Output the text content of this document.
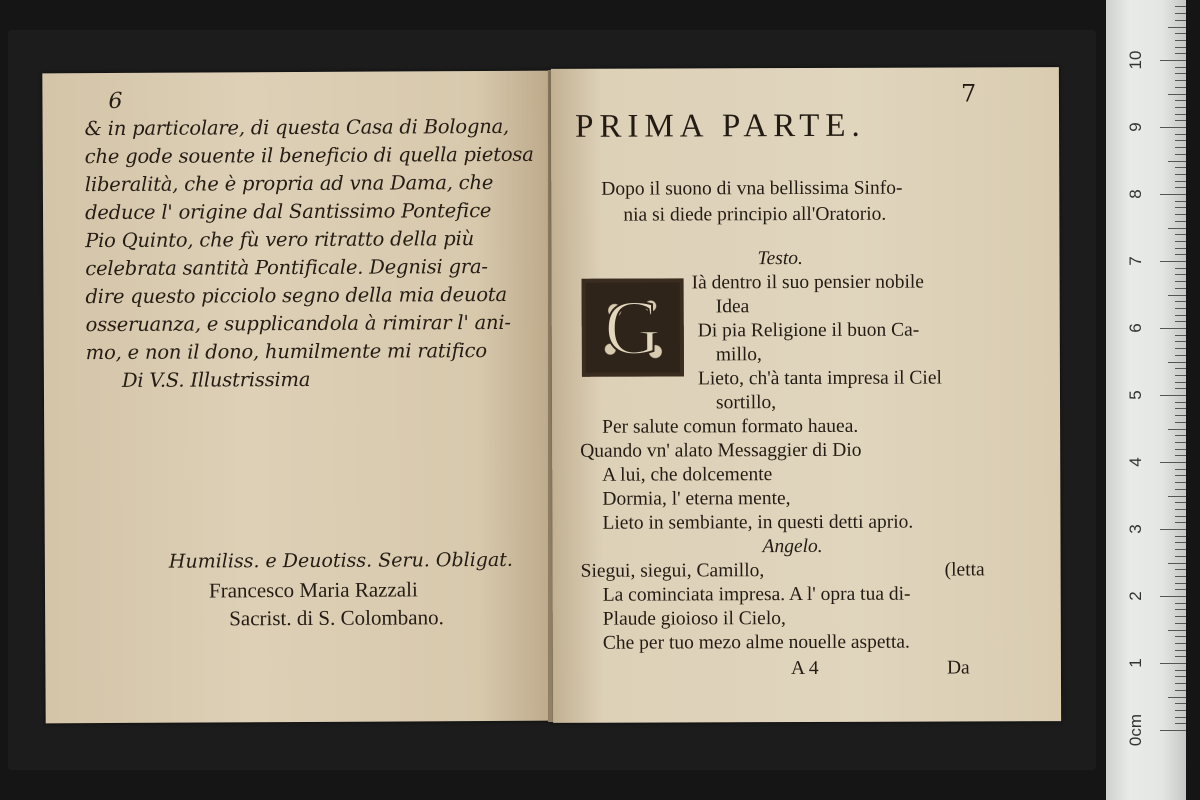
6
& in particolare, di questa Casa di Bologna,
che gode souente il beneficio di quella pietosa
liberalità, che è propria ad vna Dama, che
deduce l' origine dal Santissimo Pontefice
Pio Quinto, che fù vero ritratto della più
celebrata santità Pontificale. Degnisi gra-
dire questo picciolo segno della mia deuota
osseruanza, e supplicandola à rimirar l' ani-
mo, e non il dono, humilmente mi ratifico
Di V.S. Illustrissima
Humiliss. e Deuotiss. Seru. Obligat.
Francesco Maria Razzali
Sacrist. di S. Colombano.
7
PRIMA PARTE.
Dopo il suono di vna bellissima Sinfo-
nia si diede principio all'Oratorio.
Testo.
G
Ià dentro il suo pensier nobile
Idea
Di pia Religione il buon Ca-
millo,
Lieto, ch'à tanta impresa il Ciel
sortillo,
Per salute comun formato hauea.
Quando vn' alato Messaggier di Dio
A lui, che dolcemente
Dormia, l' eterna mente,
Lieto in sembiante, in questi detti aprio.
Angelo.
Siegui, siegui, Camillo,	(letta
La cominciata impresa. A l' opra tua di-
Plaude gioioso il Cielo,
Che per tuo mezo alme nouelle aspetta.
A 4	Da
0cm
1
2
3
4
5
6
7
8
9
10
